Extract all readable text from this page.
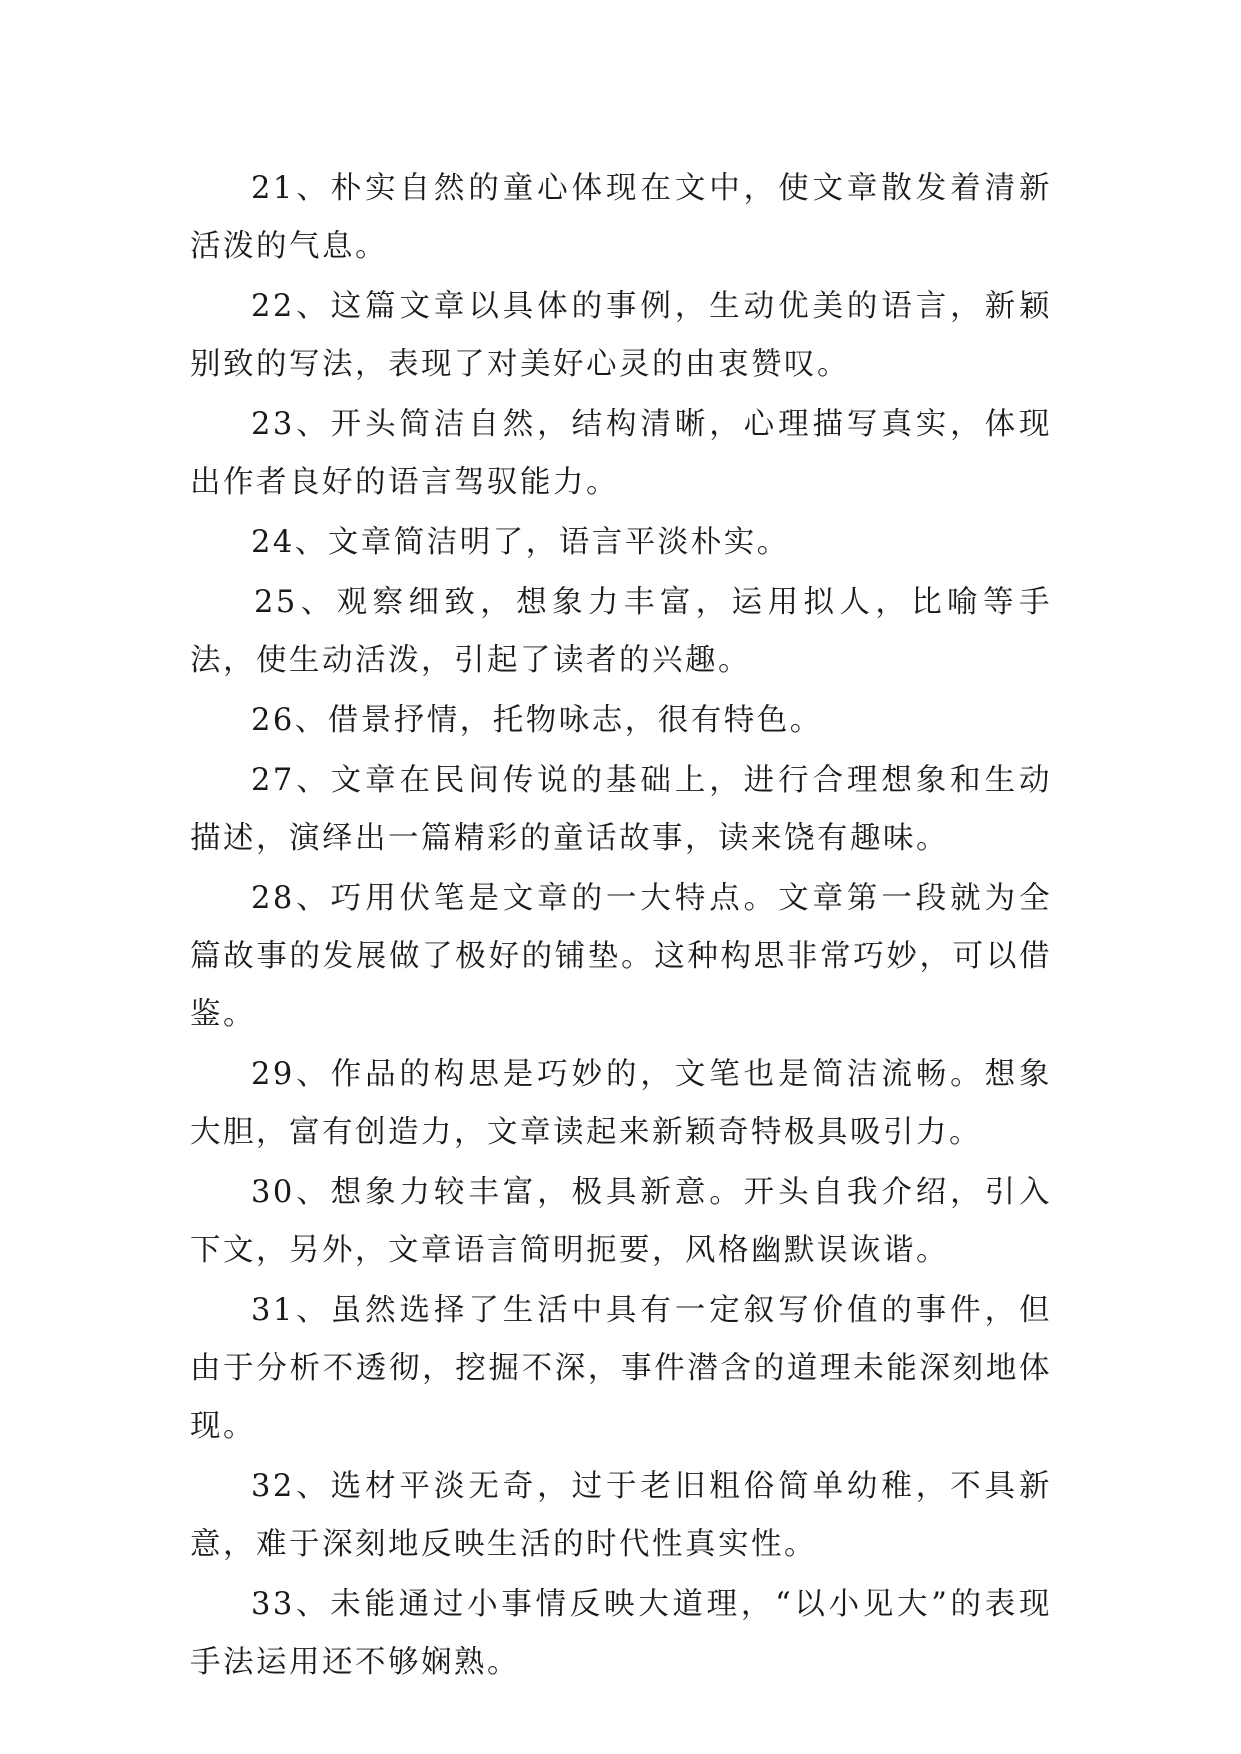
21、朴实自然的童心体现在文中，使文章散发着清新活泼的气息。

22、这篇文章以具体的事例，生动优美的语言，新颖别致的写法，表现了对美好心灵的由衷赞叹。

23、开头简洁自然，结构清晰，心理描写真实，体现出作者良好的语言驾驭能力。

24、文章简洁明了，语言平淡朴实。

25、观察细致，想象力丰富，运用拟人，比喻等手法，使生动活泼，引起了读者的兴趣。

26、借景抒情，托物咏志，很有特色。

27、文章在民间传说的基础上，进行合理想象和生动描述，演绎出一篇精彩的童话故事，读来饶有趣味。

28、巧用伏笔是文章的一大特点。文章第一段就为全篇故事的发展做了极好的铺垫。这种构思非常巧妙，可以借鉴。

29、作品的构思是巧妙的，文笔也是简洁流畅。想象大胆，富有创造力，文章读起来新颖奇特极具吸引力。

30、想象力较丰富，极具新意。开头自我介绍，引入下文，另外，文章语言简明扼要，风格幽默误诙谐。

31、虽然选择了生活中具有一定叙写价值的事件，但由于分析不透彻，挖掘不深，事件潜含的道理未能深刻地体现。

32、选材平淡无奇，过于老旧粗俗简单幼稚，不具新意，难于深刻地反映生活的时代性真实性。

33、未能通过小事情反映大道理，“以小见大”的表现手法运用还不够娴熟。
